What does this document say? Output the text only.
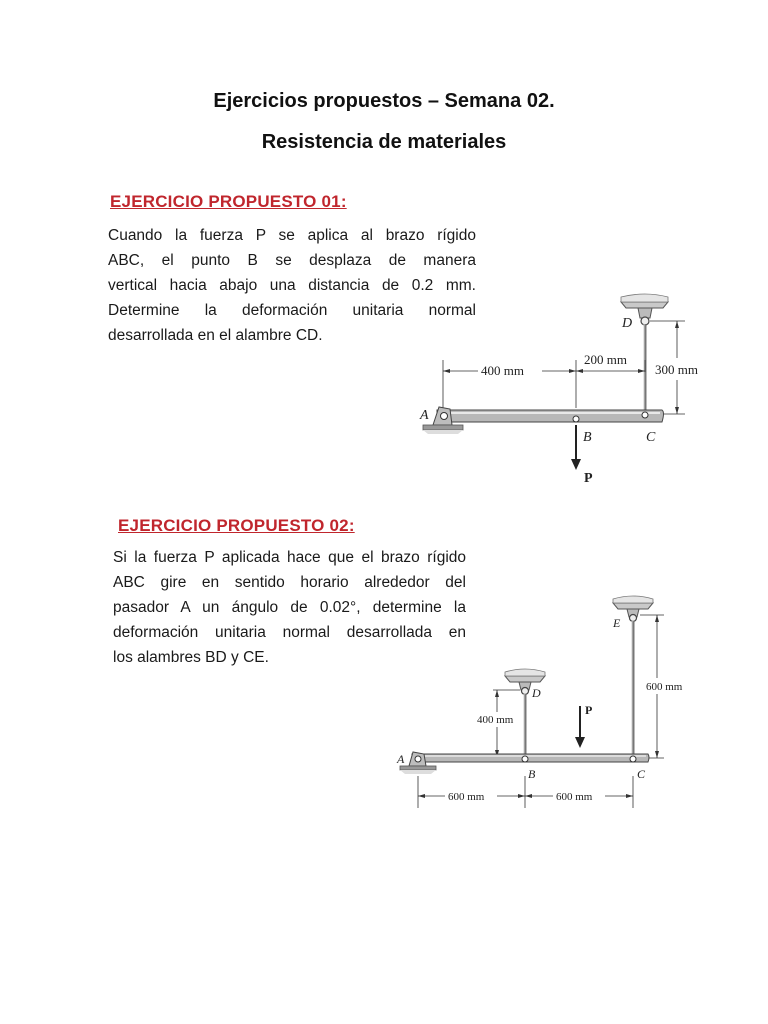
Ejercicios propuestos – Semana 02.
Resistencia de materiales
EJERCICIO PROPUESTO 01:
Cuando la fuerza P se aplica al brazo rígido
ABC, el punto B se desplaza de manera
vertical hacia abajo una distancia de 0.2 mm.
Determine la deformación unitaria normal
desarrollada en el alambre CD.
D
400 mm
200 mm
300 mm
A
B	C
P
EJERCICIO PROPUESTO 02:
Si la fuerza P aplicada hace que el brazo rígido
ABC gire en sentido horario alrededor del
pasador A un ángulo de 0.02°, determine la
deformación unitaria normal desarrollada en
los alambres BD y CE.
E
D
400 mm
600 mm
600 mm	600 mm
A
B	C
P
